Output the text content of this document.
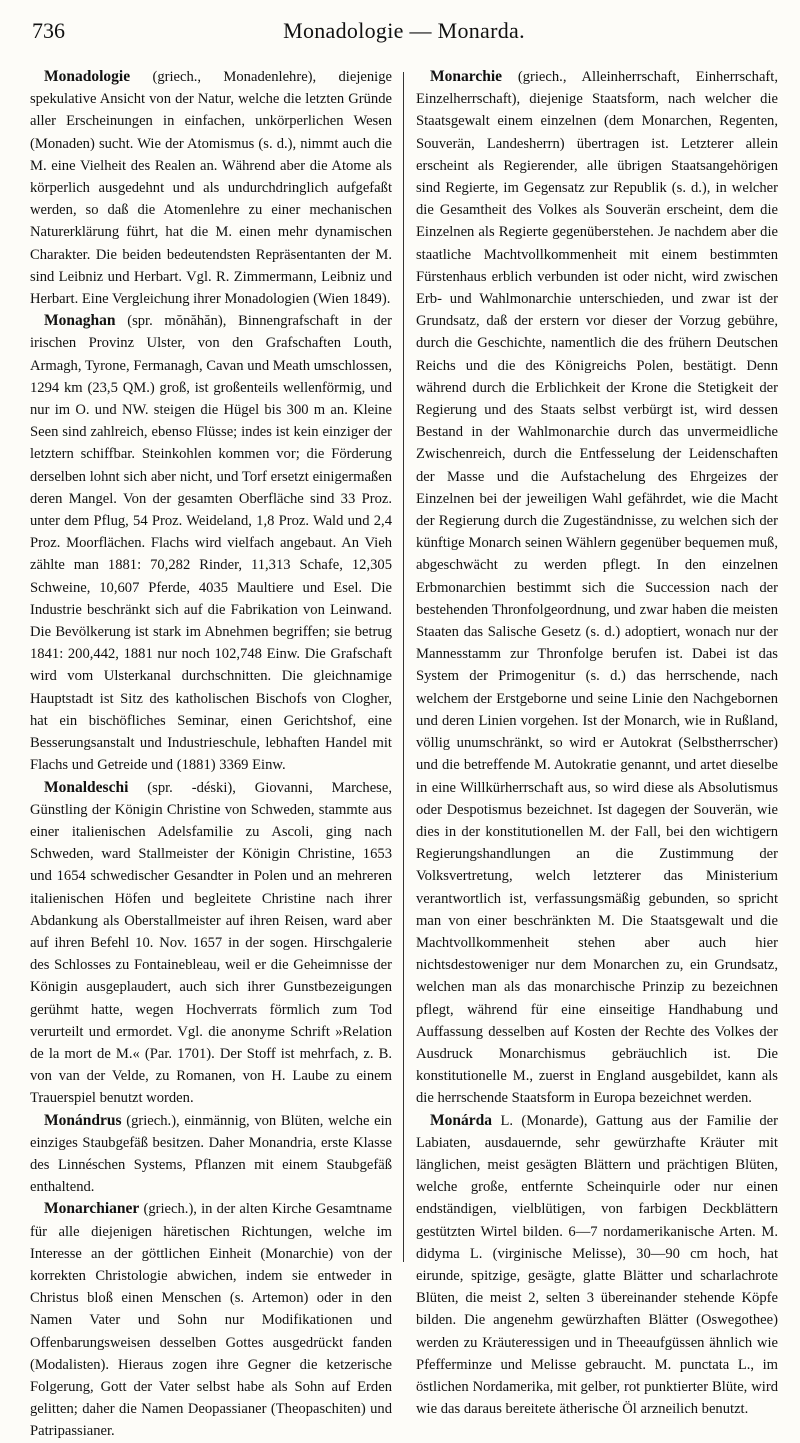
736	Monadologie — Monarda.

Monadologie (griech., Monadenlehre), diejenige spekulative Ansicht von der Natur, welche die letzten Gründe aller Erscheinungen in einfachen, unkörperlichen Wesen (Monaden) sucht. Wie der Atomismus (s. d.), nimmt auch die M. eine Vielheit des Realen an. Während aber die Atome als körperlich ausgedehnt und als undurchdringlich aufgefaßt werden, so daß die Atomenlehre zu einer mechanischen Naturerklärung führt, hat die M. einen mehr dynamischen Charakter. Die beiden bedeutendsten Repräsentanten der M. sind Leibniz und Herbart. Vgl. R. Zimmermann, Leibniz und Herbart. Eine Vergleichung ihrer Monadologien (Wien 1849).

Monaghan (spr. mŏnăhăn), Binnengrafschaft in der irischen Provinz Ulster, von den Grafschaften Louth, Armagh, Tyrone, Fermanagh, Cavan und Meath umschlossen, 1294 km (23,5 QM.) groß, ist großenteils wellenförmig, und nur im O. und NW. steigen die Hügel bis 300 m an. Kleine Seen sind zahlreich, ebenso Flüsse; indes ist kein einziger der letztern schiffbar. Steinkohlen kommen vor; die Förderung derselben lohnt sich aber nicht, und Torf ersetzt einigermaßen deren Mangel. Von der gesamten Oberfläche sind 33 Proz. unter dem Pflug, 54 Proz. Weideland, 1,8 Proz. Wald und 2,4 Proz. Moorflächen. Flachs wird vielfach angebaut. An Vieh zählte man 1881: 70,282 Rinder, 11,313 Schafe, 12,305 Schweine, 10,607 Pferde, 4035 Maultiere und Esel. Die Industrie beschränkt sich auf die Fabrikation von Leinwand. Die Bevölkerung ist stark im Abnehmen begriffen; sie betrug 1841: 200,442, 1881 nur noch 102,748 Einw. Die Grafschaft wird vom Ulsterkanal durchschnitten. Die gleichnamige Hauptstadt ist Sitz des katholischen Bischofs von Clogher, hat ein bischöfliches Seminar, einen Gerichtshof, eine Besserungsanstalt und Industrieschule, lebhaften Handel mit Flachs und Getreide und (1881) 3369 Einw.

Monaldeschi (spr. -déski), Giovanni, Marchese, Günstling der Königin Christine von Schweden, stammte aus einer italienischen Adelsfamilie zu Ascoli, ging nach Schweden, ward Stallmeister der Königin Christine, 1653 und 1654 schwedischer Gesandter in Polen und an mehreren italienischen Höfen und begleitete Christine nach ihrer Abdankung als Oberstallmeister auf ihren Reisen, ward aber auf ihren Befehl 10. Nov. 1657 in der sogen. Hirschgalerie des Schlosses zu Fontainebleau, weil er die Geheimnisse der Königin ausgeplaudert, auch sich ihrer Gunstbezeigungen gerühmt hatte, wegen Hochverrats förmlich zum Tod verurteilt und ermordet. Vgl. die anonyme Schrift »Relation de la mort de M.« (Par. 1701). Der Stoff ist mehrfach, z. B. von van der Velde, zu Romanen, von H. Laube zu einem Trauerspiel benutzt worden.

Monándrus (griech.), einmännig, von Blüten, welche ein einziges Staubgefäß besitzen. Daher Monandria, erste Klasse des Linnéschen Systems, Pflanzen mit einem Staubgefäß enthaltend.

Monarchianer (griech.), in der alten Kirche Gesamtname für alle diejenigen häretischen Richtungen, welche im Interesse an der göttlichen Einheit (Monarchie) von der korrekten Christologie abwichen, indem sie entweder in Christus bloß einen Menschen (s. Artemon) oder in den Namen Vater und Sohn nur Modifikationen und Offenbarungsweisen desselben Gottes ausgedrückt fanden (Modalisten). Hieraus zogen ihre Gegner die ketzerische Folgerung, Gott der Vater selbst habe als Sohn auf Erden gelitten; daher die Namen Deopassianer (Theopaschiten) und Patripassianer.

Monarchie (griech., Alleinherrschaft, Einherrschaft, Einzelherrschaft), diejenige Staatsform, nach welcher die Staatsgewalt einem einzelnen (dem Monarchen, Regenten, Souverän, Landesherrn) übertragen ist. Letzterer allein erscheint als Regierender, alle übrigen Staatsangehörigen sind Regierte, im Gegensatz zur Republik (s. d.), in welcher die Gesamtheit des Volkes als Souverän erscheint, dem die Einzelnen als Regierte gegenüberstehen. Je nachdem aber die staatliche Machtvollkommenheit mit einem bestimmten Fürstenhaus erblich verbunden ist oder nicht, wird zwischen Erb- und Wahlmonarchie unterschieden, und zwar ist der Grundsatz, daß der erstern vor dieser der Vorzug gebühre, durch die Geschichte, namentlich die des frühern Deutschen Reichs und die des Königreichs Polen, bestätigt. Denn während durch die Erblichkeit der Krone die Stetigkeit der Regierung und des Staats selbst verbürgt ist, wird dessen Bestand in der Wahlmonarchie durch das unvermeidliche Zwischenreich, durch die Entfesselung der Leidenschaften der Masse und die Aufstachelung des Ehrgeizes der Einzelnen bei der jeweiligen Wahl gefährdet, wie die Macht der Regierung durch die Zugeständnisse, zu welchen sich der künftige Monarch seinen Wählern gegenüber bequemen muß, abgeschwächt zu werden pflegt. In den einzelnen Erbmonarchien bestimmt sich die Succession nach der bestehenden Thronfolgeordnung, und zwar haben die meisten Staaten das Salische Gesetz (s. d.) adoptiert, wonach nur der Mannesstamm zur Thronfolge berufen ist. Dabei ist das System der Primogenitur (s. d.) das herrschende, nach welchem der Erstgeborne und seine Linie den Nachgebornen und deren Linien vorgehen. Ist der Monarch, wie in Rußland, völlig unumschränkt, so wird er Autokrat (Selbstherrscher) und die betreffende M. Autokratie genannt, und artet dieselbe in eine Willkürherrschaft aus, so wird diese als Absolutismus oder Despotismus bezeichnet. Ist dagegen der Souverän, wie dies in der konstitutionellen M. der Fall, bei den wichtigern Regierungshandlungen an die Zustimmung der Volksvertretung, welch letzterer das Ministerium verantwortlich ist, verfassungsmäßig gebunden, so spricht man von einer beschränkten M. Die Staatsgewalt und die Machtvollkommenheit stehen aber auch hier nichtsdestoweniger nur dem Monarchen zu, ein Grundsatz, welchen man als das monarchische Prinzip zu bezeichnen pflegt, während für eine einseitige Handhabung und Auffassung desselben auf Kosten der Rechte des Volkes der Ausdruck Monarchismus gebräuchlich ist. Die konstitutionelle M., zuerst in England ausgebildet, kann als die herrschende Staatsform in Europa bezeichnet werden.

Monárda L. (Monarde), Gattung aus der Familie der Labiaten, ausdauernde, sehr gewürzhafte Kräuter mit länglichen, meist gesägten Blättern und prächtigen Blüten, welche große, entfernte Scheinquirle oder nur einen endständigen, vielblütigen, von farbigen Deckblättern gestützten Wirtel bilden. 6—7 nordamerikanische Arten. M. didyma L. (virginische Melisse), 30—90 cm hoch, hat eirunde, spitzige, gesägte, glatte Blätter und scharlachrote Blüten, die meist 2, selten 3 übereinander stehende Köpfe bilden. Die angenehm gewürzhaften Blätter (Oswegothee) werden zu Kräuteressigen und in Theeaufgüssen ähnlich wie Pfefferminze und Melisse gebraucht. M. punctata L., im östlichen Nordamerika, mit gelber, rot punktierter Blüte, wird wie das daraus bereitete ätherische Öl arzneilich benutzt.
